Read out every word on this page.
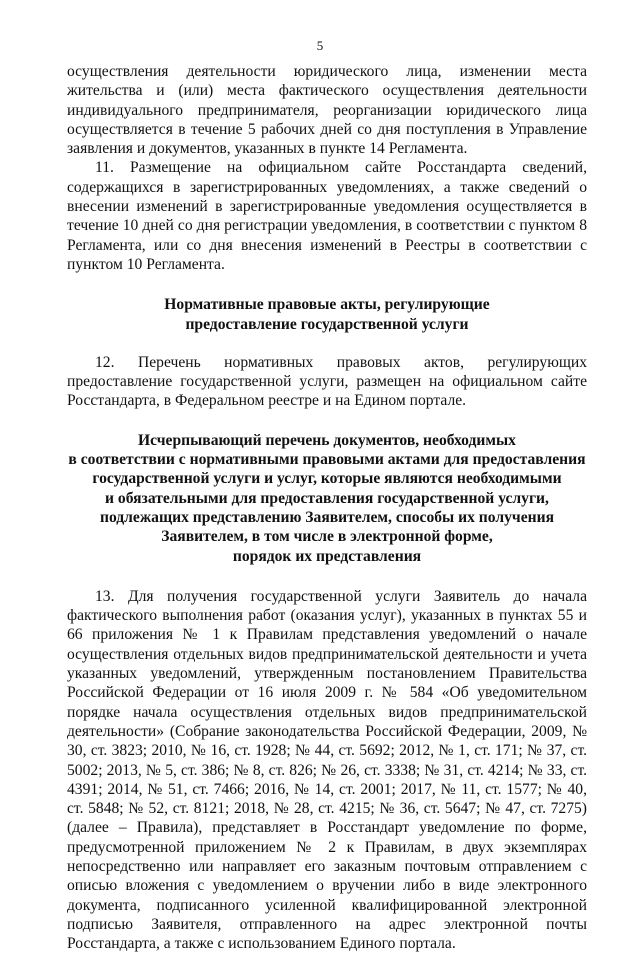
5

осуществления деятельности юридического лица, изменении места жительства и (или) места фактического осуществления деятельности индивидуального предпринимателя, реорганизации юридического лица осуществляется в течение 5 рабочих дней со дня поступления в Управление заявления и документов, указанных в пункте 14 Регламента.

11. Размещение на официальном сайте Росстандарта сведений, содержащихся в зарегистрированных уведомлениях, а также сведений о внесении изменений в зарегистрированные уведомления осуществляется в течение 10 дней со дня регистрации уведомления, в соответствии с пунктом 8 Регламента, или со дня внесения изменений в Реестры в соответствии с пунктом 10 Регламента.

Нормативные правовые акты, регулирующие
предоставление государственной услуги

12. Перечень нормативных правовых актов, регулирующих предоставление государственной услуги, размещен на официальном сайте Росстандарта, в Федеральном реестре и на Едином портале.

Исчерпывающий перечень документов, необходимых
в соответствии с нормативными правовыми актами для предоставления
государственной услуги и услуг, которые являются необходимыми
и обязательными для предоставления государственной услуги,
подлежащих представлению Заявителем, способы их получения
Заявителем, в том числе в электронной форме,
порядок их представления

13. Для получения государственной услуги Заявитель до начала фактического выполнения работ (оказания услуг), указанных в пунктах 55 и 66 приложения № 1 к Правилам представления уведомлений о начале осуществления отдельных видов предпринимательской деятельности и учета указанных уведомлений, утвержденным постановлением Правительства Российской Федерации от 16 июля 2009 г. № 584 «Об уведомительном порядке начала осуществления отдельных видов предпринимательской деятельности» (Собрание законодательства Российской Федерации, 2009, № 30, ст. 3823; 2010, № 16, ст. 1928; № 44, ст. 5692; 2012, № 1, ст. 171; № 37, ст. 5002; 2013, № 5, ст. 386; № 8, ст. 826; № 26, ст. 3338; № 31, ст. 4214; № 33, ст. 4391; 2014, № 51, ст. 7466; 2016, № 14, ст. 2001; 2017, № 11, ст. 1577; № 40, ст. 5848; № 52, ст. 8121; 2018, № 28, ст. 4215; № 36, ст. 5647; № 47, ст. 7275) (далее – Правила), представляет в Росстандарт уведомление по форме, предусмотренной приложением № 2 к Правилам, в двух экземплярах непосредственно или направляет его заказным почтовым отправлением с описью вложения с уведомлением о вручении либо в виде электронного документа, подписанного усиленной квалифицированной электронной подписью Заявителя, отправленного на адрес электронной почты Росстандарта, а также с использованием Единого портала.
